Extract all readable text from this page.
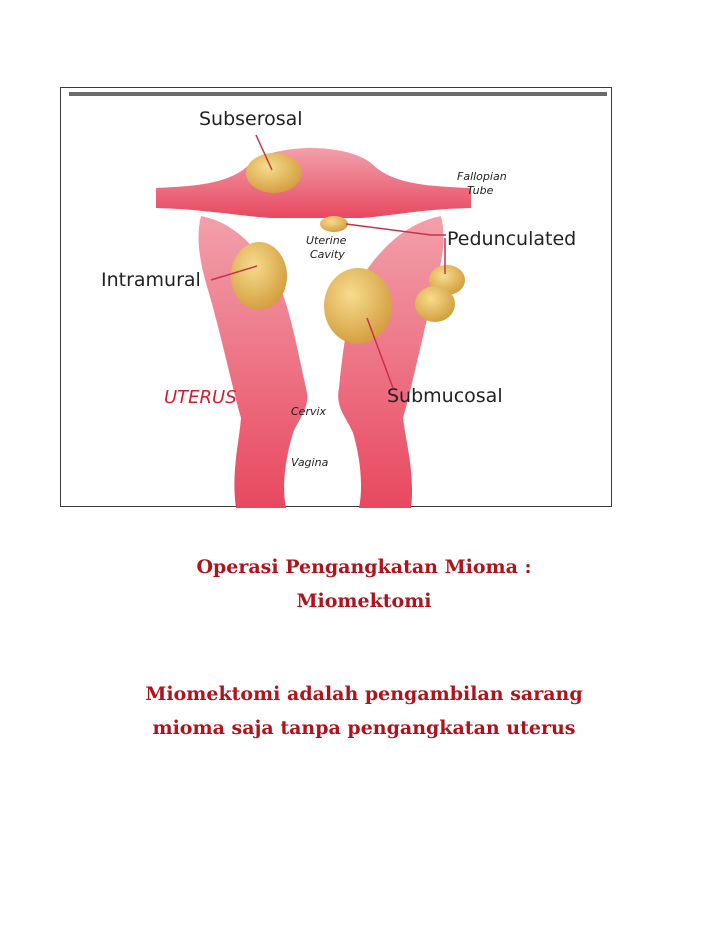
Subserosal
Fallopian
Tube
Uterine
Cavity
Pedunculated
Intramural
UTERUS
Cervix
Submucosal
Vagina
Operasi Pengangkatan Mioma :
Miomektomi
Miomektomi adalah pengambilan sarang
mioma saja tanpa pengangkatan uterus
